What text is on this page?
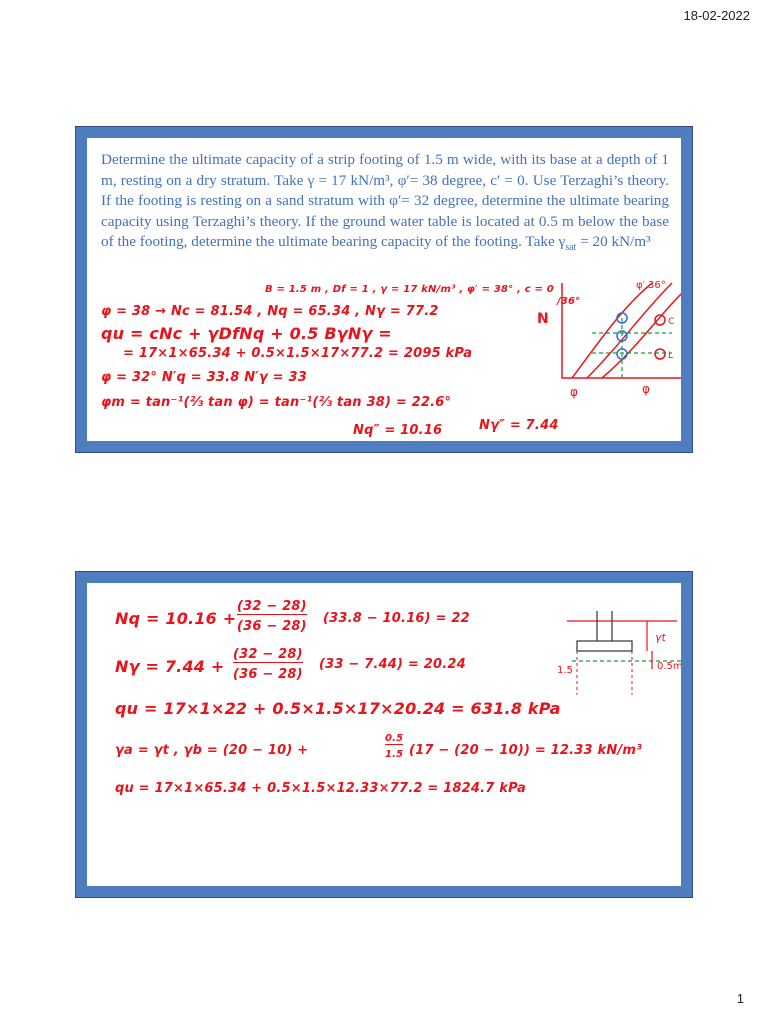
18-02-2022

Determine the ultimate capacity of a strip footing of 1.5 m wide, with its base at a depth of 1 m, resting on a dry stratum. Take γ = 17 kN/m³, φ′= 38 degree, c′ = 0. Use Terzaghi’s theory. If the footing is resting on a sand stratum with φ′= 32 degree, determine the ultimate bearing capacity using Terzaghi’s theory. If the ground water table is located at 0.5 m below the base of the footing, determine the ultimate bearing capacity of the footing. Take $\gamma_{sat} = 20$ kN/m³

B = 1.5 m , Df = 1 , γ = 17 kN/m³ , φ′ = 38° , c = 0
/36°
φ = 38 → Nc = 81.54 , Nq = 65.34 , Nγ = 77.2
qu = cNc + γDfNq + 0.5 BγNγ =
= 17×1×65.34 + 0.5×1.5×17×77.2 = 2095 kPa
φ = 32° N′q = 33.8 N′γ = 33
φm = tan⁻¹(⅔ tan φ) = tan⁻¹(⅔ tan 38) = 22.6°
Nq″ = 10.16	Nγ″ = 7.44
N
φ	φ
φ′ 36°
C
L
Nq = 10.16 +
(32 − 28)
(36 − 28)
(33.8 − 10.16) = 22
Nγ = 7.44 +
(32 − 28)
(36 − 28)
(33 − 7.44) = 20.24
qu = 17×1×22 + 0.5×1.5×17×20.24 = 631.8 kPa
γa = γt , γb = (20 − 10) +
0.5
1.5 (17 − (20 − 10)) = 12.33 kN/m³
qu = 17×1×65.34 + 0.5×1.5×12.33×77.2 = 1824.7 kPa
γt
0.5m
1.5
1
